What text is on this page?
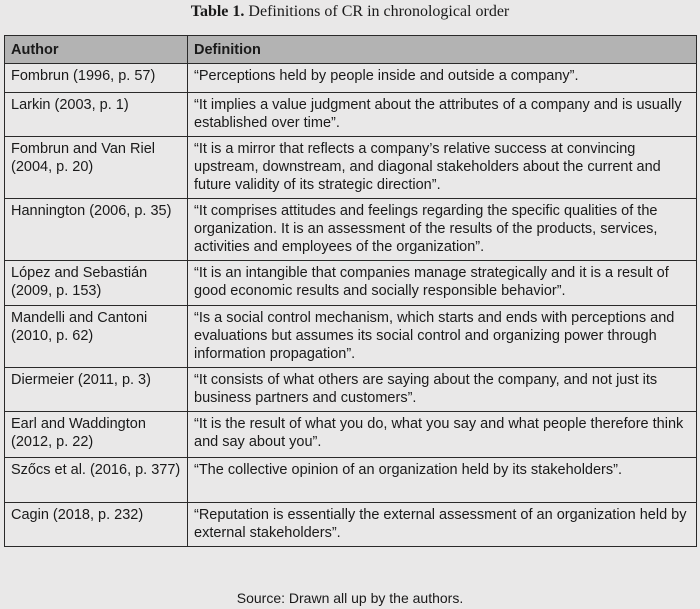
Table 1. Definitions of CR in chronological order
Author	Definition
Fombrun (1996, p. 57)	“Perceptions held by people inside and outside a company”.
Larkin (2003, p. 1)	“It implies a value judgment about the attributes of a company and is usually established over time”.
Fombrun and Van Riel (2004, p. 20)	“It is a mirror that reflects a company’s relative success at convincing upstream, downstream, and diagonal stakeholders about the current and future validity of its strategic direction”.
Hannington (2006, p. 35)	“It comprises attitudes and feelings regarding the specific qualities of the organization. It is an assessment of the results of the products, services, activities and employees of the organization”.
López and Sebastián (2009, p. 153)	“It is an intangible that companies manage strategically and it is a result of good economic results and socially responsible behavior”.
Mandelli and Cantoni (2010, p. 62)	“Is a social control mechanism, which starts and ends with perceptions and evaluations but assumes its social control and organizing power through information propagation”.
Diermeier (2011, p. 3)	“It consists of what others are saying about the company, and not just its business partners and customers”.
Earl and Waddington (2012, p. 22)	“It is the result of what you do, what you say and what people therefore think and say about you”.
Szőcs et al. (2016, p. 377)	“The collective opinion of an organization held by its stakeholders”.
Cagin (2018, p. 232)	“Reputation is essentially the external assessment of an organization held by external stakeholders”.
Source: Drawn all up by the authors.
